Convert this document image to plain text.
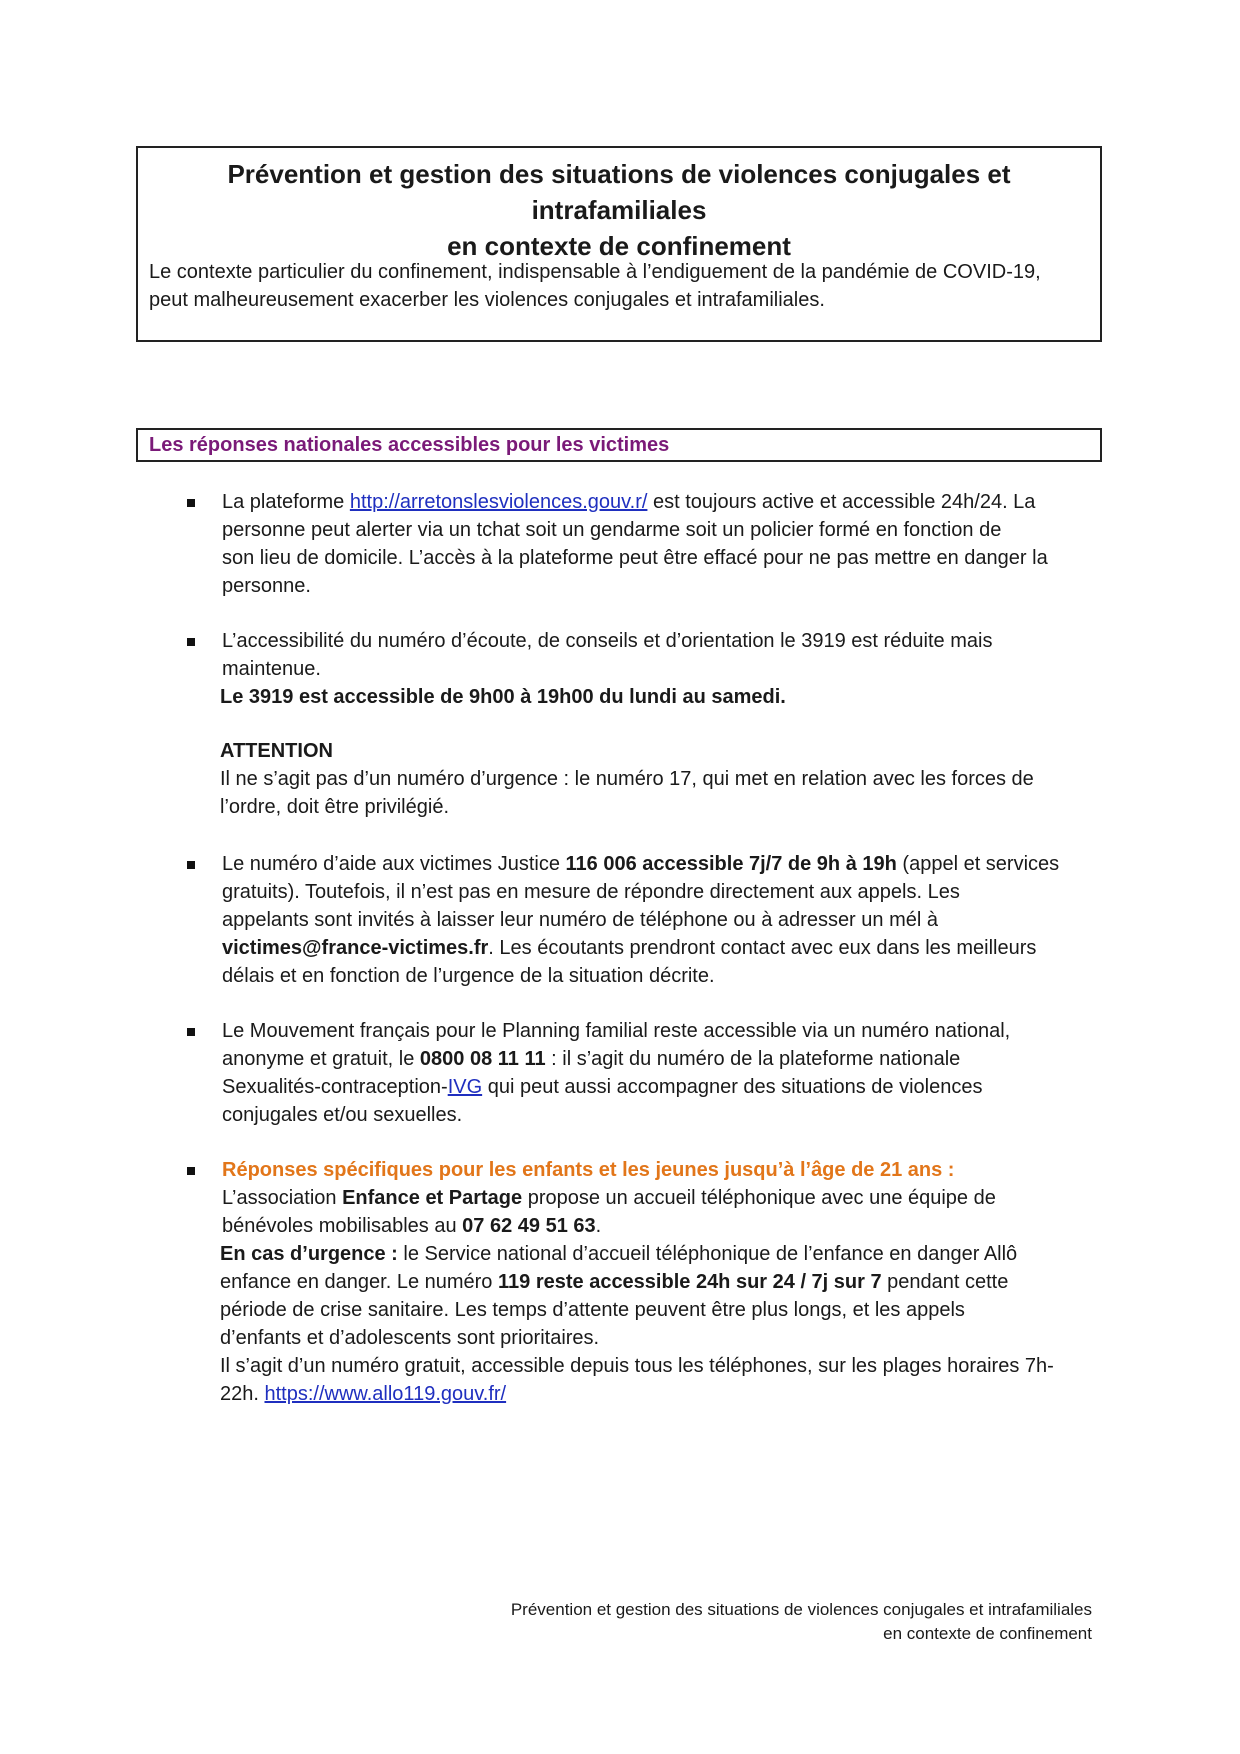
Prévention et gestion des situations de violences conjugales et intrafamiliales
en contexte de confinement
Le contexte particulier du confinement, indispensable à l’endiguement de la pandémie de COVID-19,
peut malheureusement exacerber les violences conjugales et intrafamiliales.
Les réponses nationales accessibles pour les victimes
La plateforme http://arretonslesviolences.gouv.r/ est toujours active et accessible 24h/24. La
personne peut alerter via un tchat soit un gendarme soit un policier formé en fonction de
son lieu de domicile. L’accès à la plateforme peut être effacé pour ne pas mettre en danger la
personne.
L’accessibilité du numéro d’écoute, de conseils et d’orientation le 3919 est réduite mais
maintenue.
Le 3919 est accessible de 9h00 à 19h00 du lundi au samedi.
ATTENTION
Il ne s’agit pas d’un numéro d’urgence : le numéro 17, qui met en relation avec les forces de
l’ordre, doit être privilégié.
Le numéro d’aide aux victimes Justice 116 006 accessible 7j/7 de 9h à 19h (appel et services
gratuits). Toutefois, il n’est pas en mesure de répondre directement aux appels. Les
appelants sont invités à laisser leur numéro de téléphone ou à adresser un mél à
victimes@france-victimes.fr. Les écoutants prendront contact avec eux dans les meilleurs
délais et en fonction de l’urgence de la situation décrite.
Le Mouvement français pour le Planning familial reste accessible via un numéro national,
anonyme et gratuit, le 0800 08 11 11 : il s’agit du numéro de la plateforme nationale
Sexualités-contraception-IVG qui peut aussi accompagner des situations de violences
conjugales et/ou sexuelles.
Réponses spécifiques pour les enfants et les jeunes jusqu’à l’âge de 21 ans :
L’association Enfance et Partage propose un accueil téléphonique avec une équipe de
bénévoles mobilisables au 07 62 49 51 63.
En cas d’urgence : le Service national d’accueil téléphonique de l’enfance en danger Allô
enfance en danger. Le numéro 119 reste accessible 24h sur 24 / 7j sur 7 pendant cette
période de crise sanitaire. Les temps d’attente peuvent être plus longs, et les appels
d’enfants et d’adolescents sont prioritaires.
Il s’agit d’un numéro gratuit, accessible depuis tous les téléphones, sur les plages horaires 7h-
22h. https://www.allo119.gouv.fr/
Prévention et gestion des situations de violences conjugales et intrafamiliales
en contexte de confinement
